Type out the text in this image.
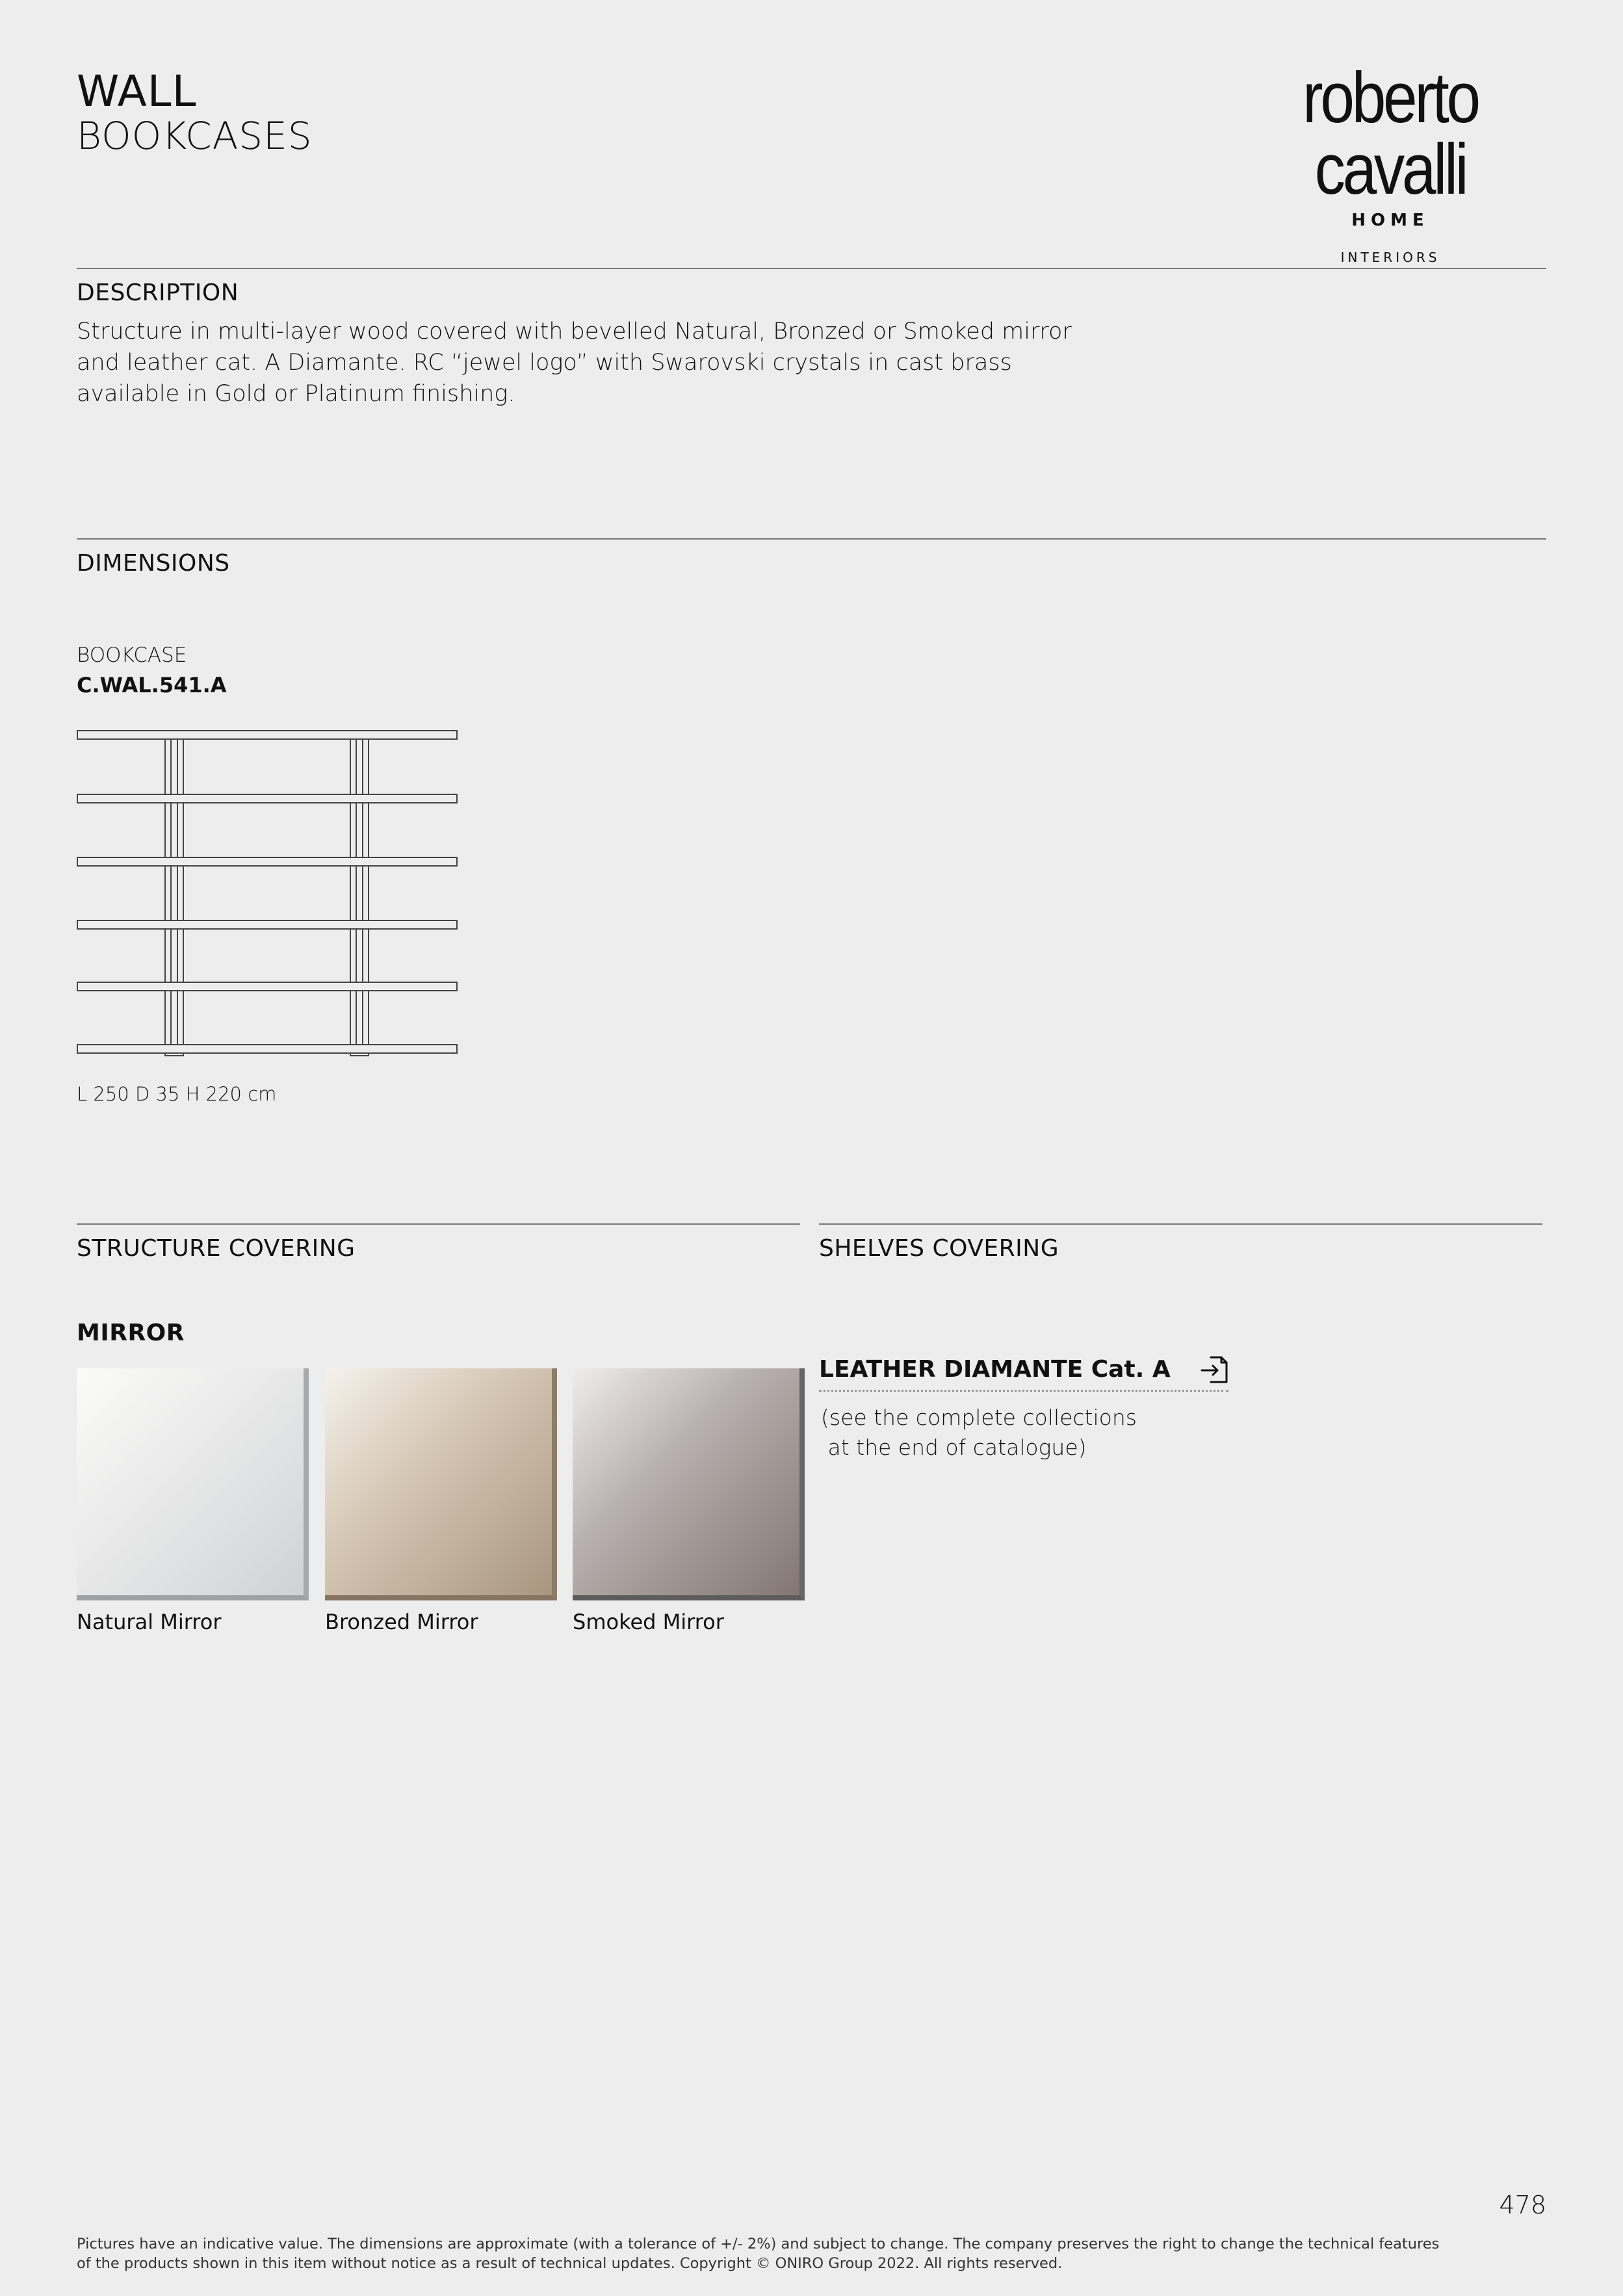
WALL
BOOKCASES	roberto cavalli
HOME
INTERIORS
DESCRIPTION
Structure in multi-layer wood covered with bevelled Natural, Bronzed or Smoked mirror and leather cat. A Diamante. RC “jewel logo” with Swarovski crystals in cast brass available in Gold or Platinum finishing.
DIMENSIONS
BOOKCASE
C.WAL.541.A
L 250 D 35 H 220 cm
STRUCTURE COVERING
MIRROR
Natural Mirror	Bronzed Mirror	Smoked Mirror
SHELVES COVERING
LEATHER DIAMANTE Cat. A
(see the complete collections
at the end of catalogue)
478
Pictures have an indicative value. The dimensions are approximate (with a tolerance of +/- 2%) and subject to change. The company preserves the right to change the technical features of the products shown in this item without notice as a result of technical updates. Copyright © ONIRO Group 2022. All rights reserved.
